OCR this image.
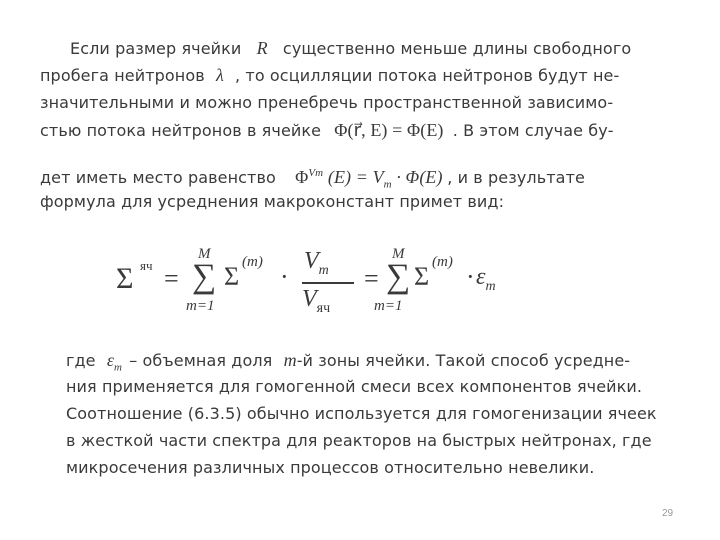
Если размер ячейки R существенно меньше длины свободного
пробега нейтронов λ , то осцилляции потока нейтронов будут не-
значительными и можно пренебречь пространственной зависимо-
стью потока нейтронов в ячейке Φ(r⃗, E) = Φ(E) . В этом случае бу-
дет иметь место равенство $\Phi^{Vm}$ $(E) = V_m \cdot \Phi(E)$ , и в результате
формула для усреднения макроконстант примет вид:
Σ яч =
M
∑
m=1
Σ (m) ·
$V_m$
$V_{яч}$
=
M
∑
m=1
Σ $(m) \cdot \varepsilon_m$
где $\varepsilon_m$ – объемная доля m-й зоны ячейки. Такой способ усредне-
ния применяется для гомогенной смеси всех компонентов ячейки.
Соотношение (6.3.5) обычно используется для гомогенизации ячеек
в жесткой части спектра для реакторов на быстрых нейтронах, где
микросечения различных процессов относительно невелики.
29
